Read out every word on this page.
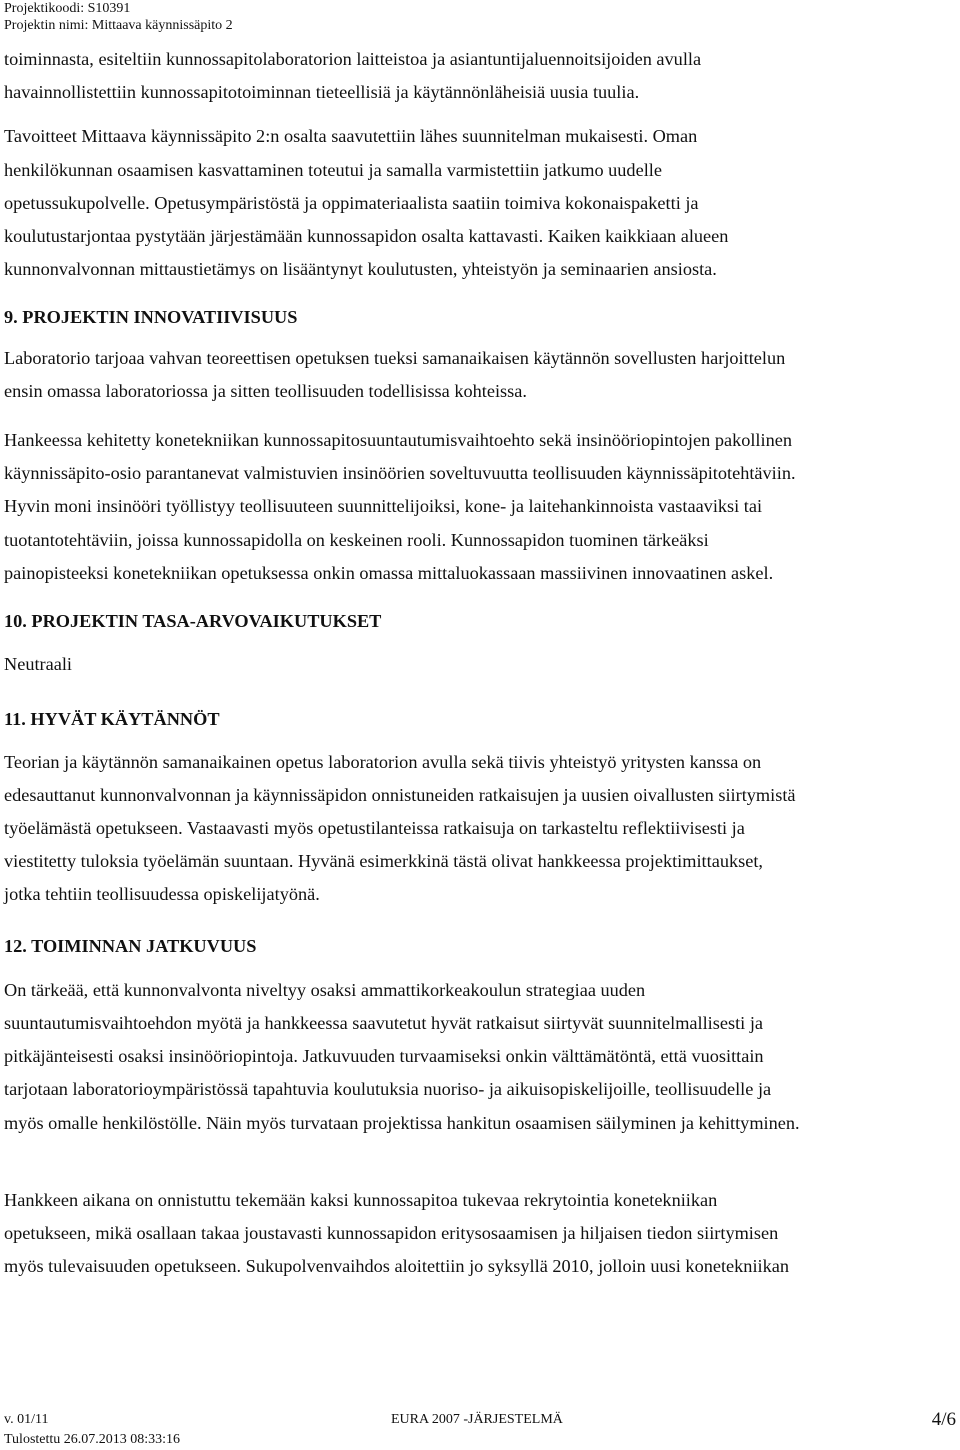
Projektikoodi: S10391
Projektin nimi: Mittaava käynnissäpito 2

toiminnasta, esiteltiin kunnossapitolaboratorion laitteistoa ja asiantuntijaluennoitsijoiden avulla
havainnollistettiin kunnossapitotoiminnan tieteellisiä ja käytännönläheisiä uusia tuulia.

Tavoitteet Mittaava käynnissäpito 2:n osalta saavutettiin lähes suunnitelman mukaisesti. Oman
henkilökunnan osaamisen kasvattaminen toteutui ja samalla varmistettiin jatkumo uudelle
opetussukupolvelle. Opetusympäristöstä ja oppimateriaalista saatiin toimiva kokonaispaketti ja
koulutustarjontaa pystytään järjestämään kunnossapidon osalta kattavasti. Kaiken kaikkiaan alueen
kunnonvalvonnan mittaustietämys on lisääntynyt koulutusten, yhteistyön ja seminaarien ansiosta.

9. PROJEKTIN INNOVATIIVISUUS

Laboratorio tarjoaa vahvan teoreettisen opetuksen tueksi samanaikaisen käytännön sovellusten harjoittelun
ensin omassa laboratoriossa ja sitten teollisuuden todellisissa kohteissa.

Hankeessa kehitetty konetekniikan kunnossapitosuuntautumisvaihtoehto sekä insinööriopintojen pakollinen
käynnissäpito-osio parantanevat valmistuvien insinöörien soveltuvuutta teollisuuden käynnissäpitotehtäviin.
Hyvin moni insinööri työllistyy teollisuuteen suunnittelijoiksi, kone- ja laitehankinnoista vastaaviksi tai
tuotantotehtäviin, joissa kunnossapidolla on keskeinen rooli. Kunnossapidon tuominen tärkeäksi
painopisteeksi konetekniikan opetuksessa onkin omassa mittaluokassaan massiivinen innovaatinen askel.

10. PROJEKTIN TASA-ARVOVAIKUTUKSET

Neutraali

11. HYVÄT KÄYTÄNNÖT

Teorian ja käytännön samanaikainen opetus laboratorion avulla sekä tiivis yhteistyö yritysten kanssa on
edesauttanut kunnonvalvonnan ja käynnissäpidon onnistuneiden ratkaisujen ja uusien oivallusten siirtymistä
työelämästä opetukseen. Vastaavasti myös opetustilanteissa ratkaisuja on tarkasteltu reflektiivisesti ja
viestitetty tuloksia työelämän suuntaan. Hyvänä esimerkkinä tästä olivat hankkeessa projektimittaukset,
jotka tehtiin teollisuudessa opiskelijatyönä.

12. TOIMINNAN JATKUVUUS

On tärkeää, että kunnonvalvonta niveltyy osaksi ammattikorkeakoulun strategiaa uuden
suuntautumisvaihtoehdon myötä ja hankkeessa saavutetut hyvät ratkaisut siirtyvät suunnitelmallisesti ja
pitkäjänteisesti osaksi insinööriopintoja. Jatkuvuuden turvaamiseksi onkin välttämätöntä, että vuosittain
tarjotaan laboratorioympäristössä tapahtuvia koulutuksia nuoriso- ja aikuisopiskelijoille, teollisuudelle ja
myös omalle henkilöstölle. Näin myös turvataan projektissa hankitun osaamisen säilyminen ja kehittyminen.

Hankkeen aikana on onnistuttu tekemään kaksi kunnossapitoa tukevaa rekrytointia konetekniikan
opetukseen, mikä osallaan takaa joustavasti kunnossapidon eritysosaamisen ja hiljaisen tiedon siirtymisen
myös tulevaisuuden opetukseen. Sukupolvenvaihdos aloitettiin jo syksyllä 2010, jolloin uusi konetekniikan

v. 01/11
Tulostettu 26.07.2013 08:33:16
EURA 2007 -JÄRJESTELMÄ	4/6
